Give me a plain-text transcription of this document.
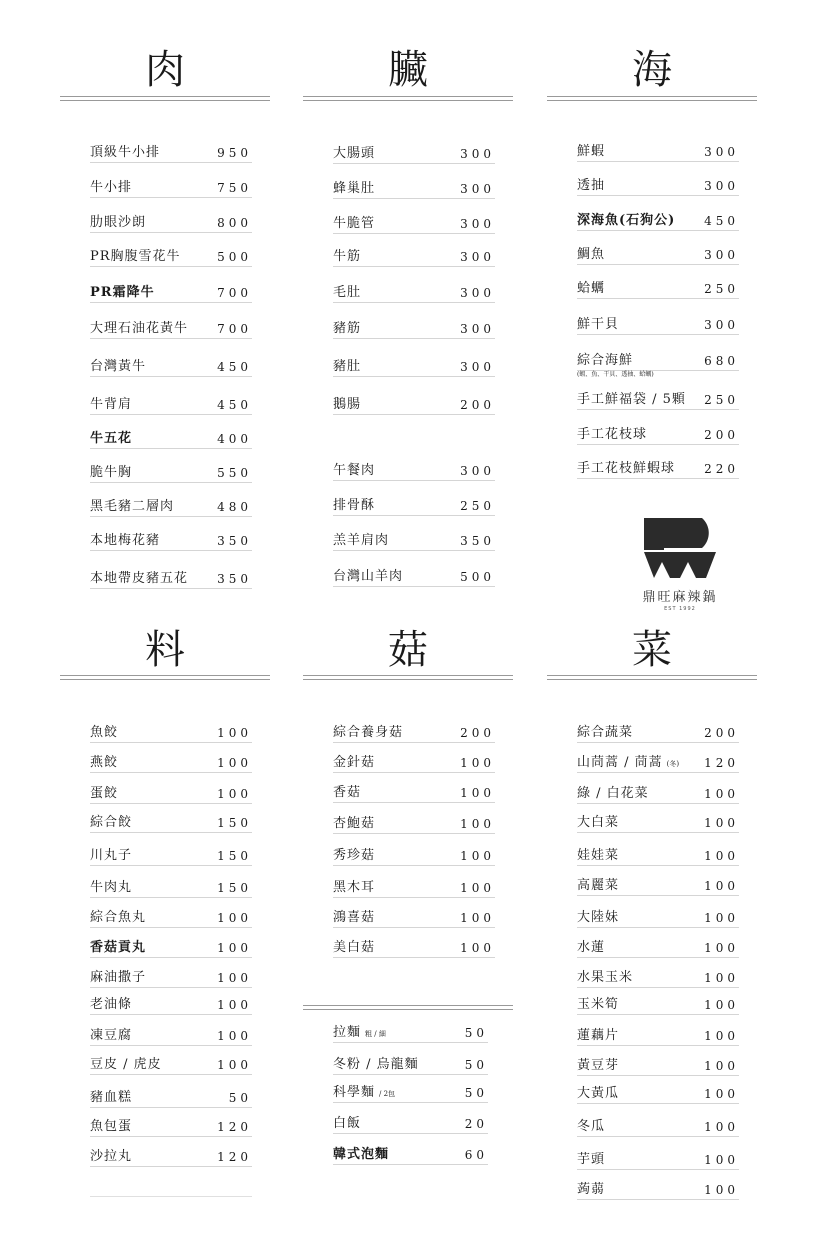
肉	臟	海
料	菇	菜
頂級牛小排	950
牛小排	750
肋眼沙朗	800
PR胸腹雪花牛	500
PR霜降牛	700
大理石油花黃牛 700
台灣黃牛	450
牛背肩	450
牛五花	400
脆牛胸	550
黑毛豬二層肉	480
本地梅花豬	350
本地帶皮豬五花 350
大腸頭	300
蜂巢肚	300
牛脆管	300
牛筋	300
毛肚	300
豬筋	300
豬肚	300
鵝腸	200
午餐肉	300
排骨酥	250
羔羊肩肉	350
台灣山羊肉	500
鮮蝦	300
透抽	300
深海魚(石狗公) 450
鯛魚	300
蛤蠣	250
鮮干貝	300
綜合海鮮	680
(蝦、魚、干貝、透抽、蛤蠣)
手工鮮福袋 / 5顆 250
手工花枝球	200
手工花枝鮮蝦球 220
魚餃	100
燕餃	100
蛋餃	100
綜合餃	150
川丸子	150
牛肉丸	150
綜合魚丸	100
香菇貢丸	100
麻油撒子	100
老油條	100
凍豆腐	100
豆皮 / 虎皮	100
豬血糕	50
魚包蛋	120
沙拉丸	120
綜合養身菇	200
金針菇	100
香菇	100
杏鮑菇	100
秀珍菇	100
黑木耳	100
鴻喜菇	100
美白菇	100
拉麵 粗 / 細	50
冬粉 / 烏龍麵	50
科學麵 / 2包	50
白飯	20
韓式泡麵	60
綜合蔬菜	200
山茼蒿 / 茼蒿 (冬) 120
綠 / 白花菜	100
大白菜	100
娃娃菜	100
高麗菜	100
大陸妹	100
水蓮	100
水果玉米	100
玉米筍	100
蓮藕片	100
黃豆芽	100
大黃瓜	100
冬瓜	100
芋頭	100
蒟蒻	100
鼎旺麻辣鍋
EST 1992
